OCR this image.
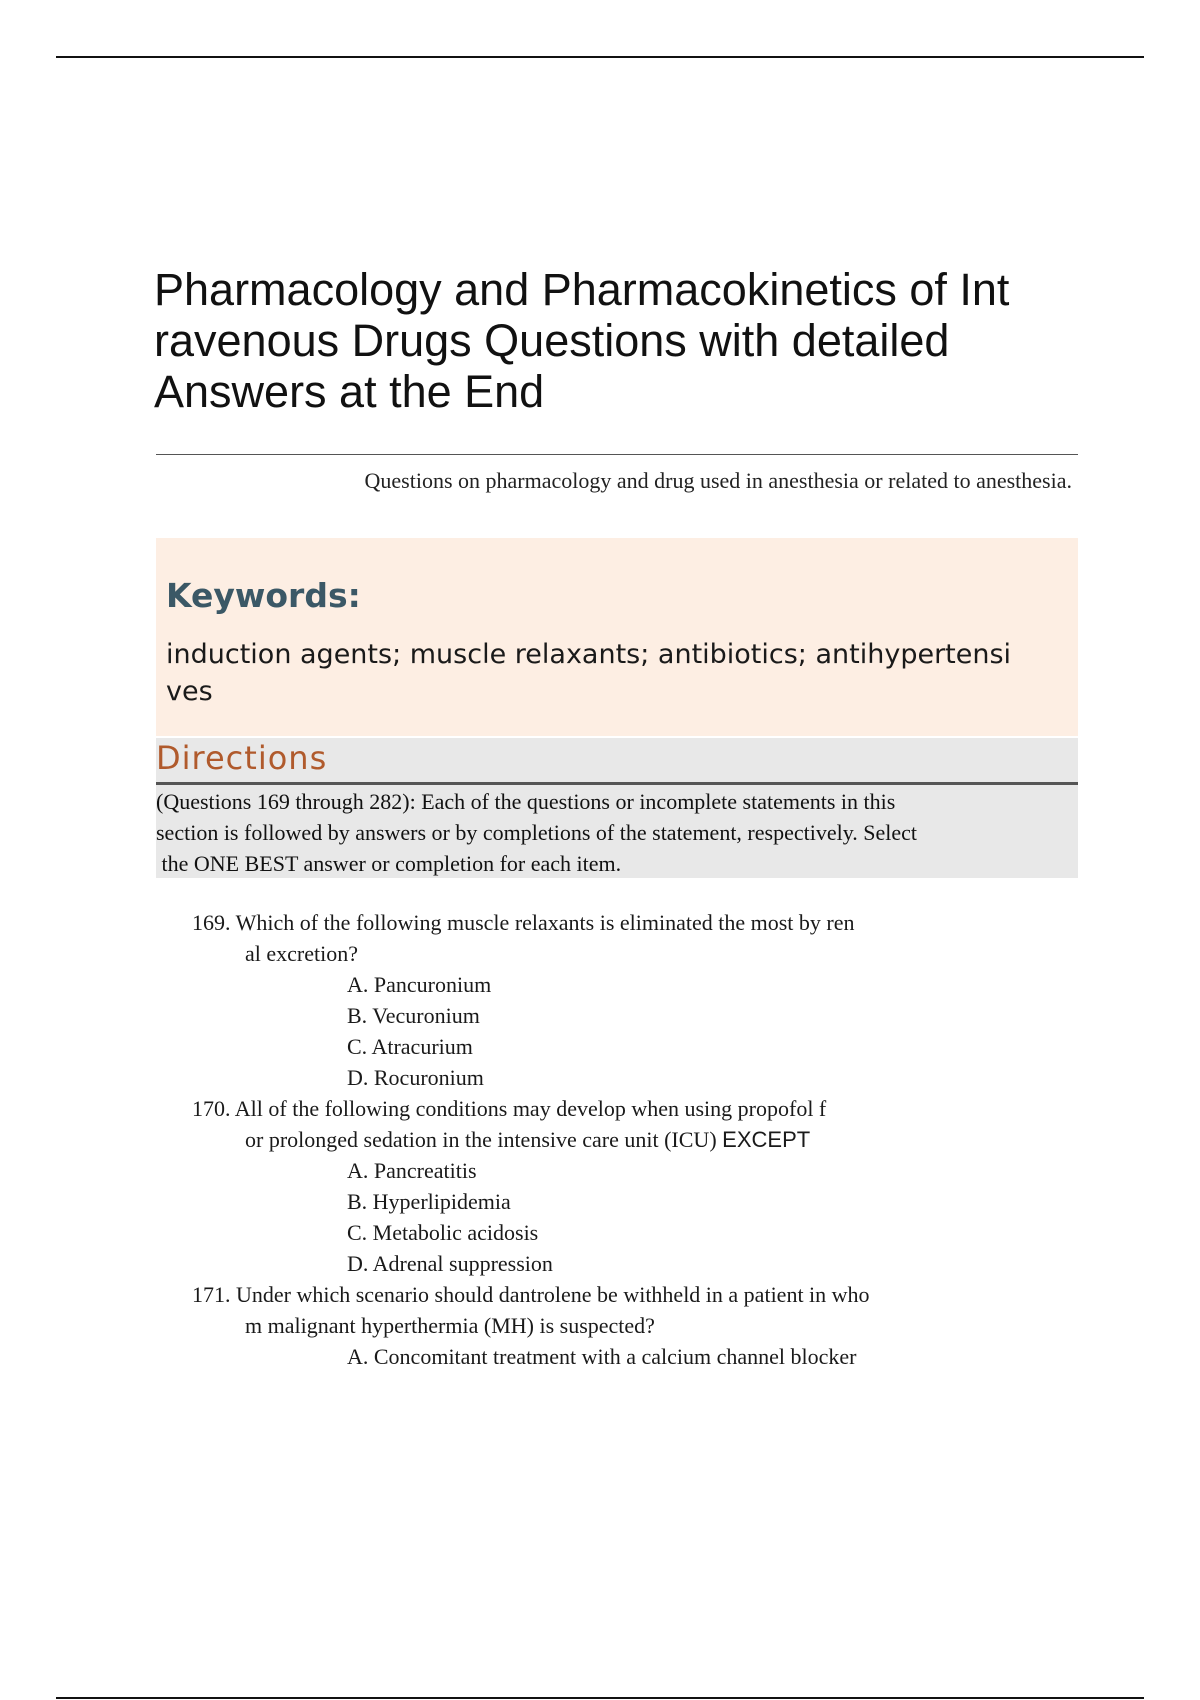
Pharmacology and Pharmacokinetics of Int
ravenous Drugs Questions with detailed
Answers at the End
Questions on pharmacology and drug used in anesthesia or related to anesthesia.
Keywords:
induction agents; muscle relaxants; antibiotics; antihypertensi
ves
Directions
(Questions 169 through 282): Each of the questions or incomplete statements in this
section is followed by answers or by completions of the statement, respectively. Select
the ONE BEST answer or completion for each item.
169. Which of the following muscle relaxants is eliminated the most by ren
al excretion?
A. Pancuronium
B. Vecuronium
C. Atracurium
D. Rocuronium
170. All of the following conditions may develop when using propofol f
or prolonged sedation in the intensive care unit (ICU) EXCEPT
A. Pancreatitis
B. Hyperlipidemia
C. Metabolic acidosis
D. Adrenal suppression
171. Under which scenario should dantrolene be withheld in a patient in who
m malignant hyperthermia (MH) is suspected?
A. Concomitant treatment with a calcium channel blocker
